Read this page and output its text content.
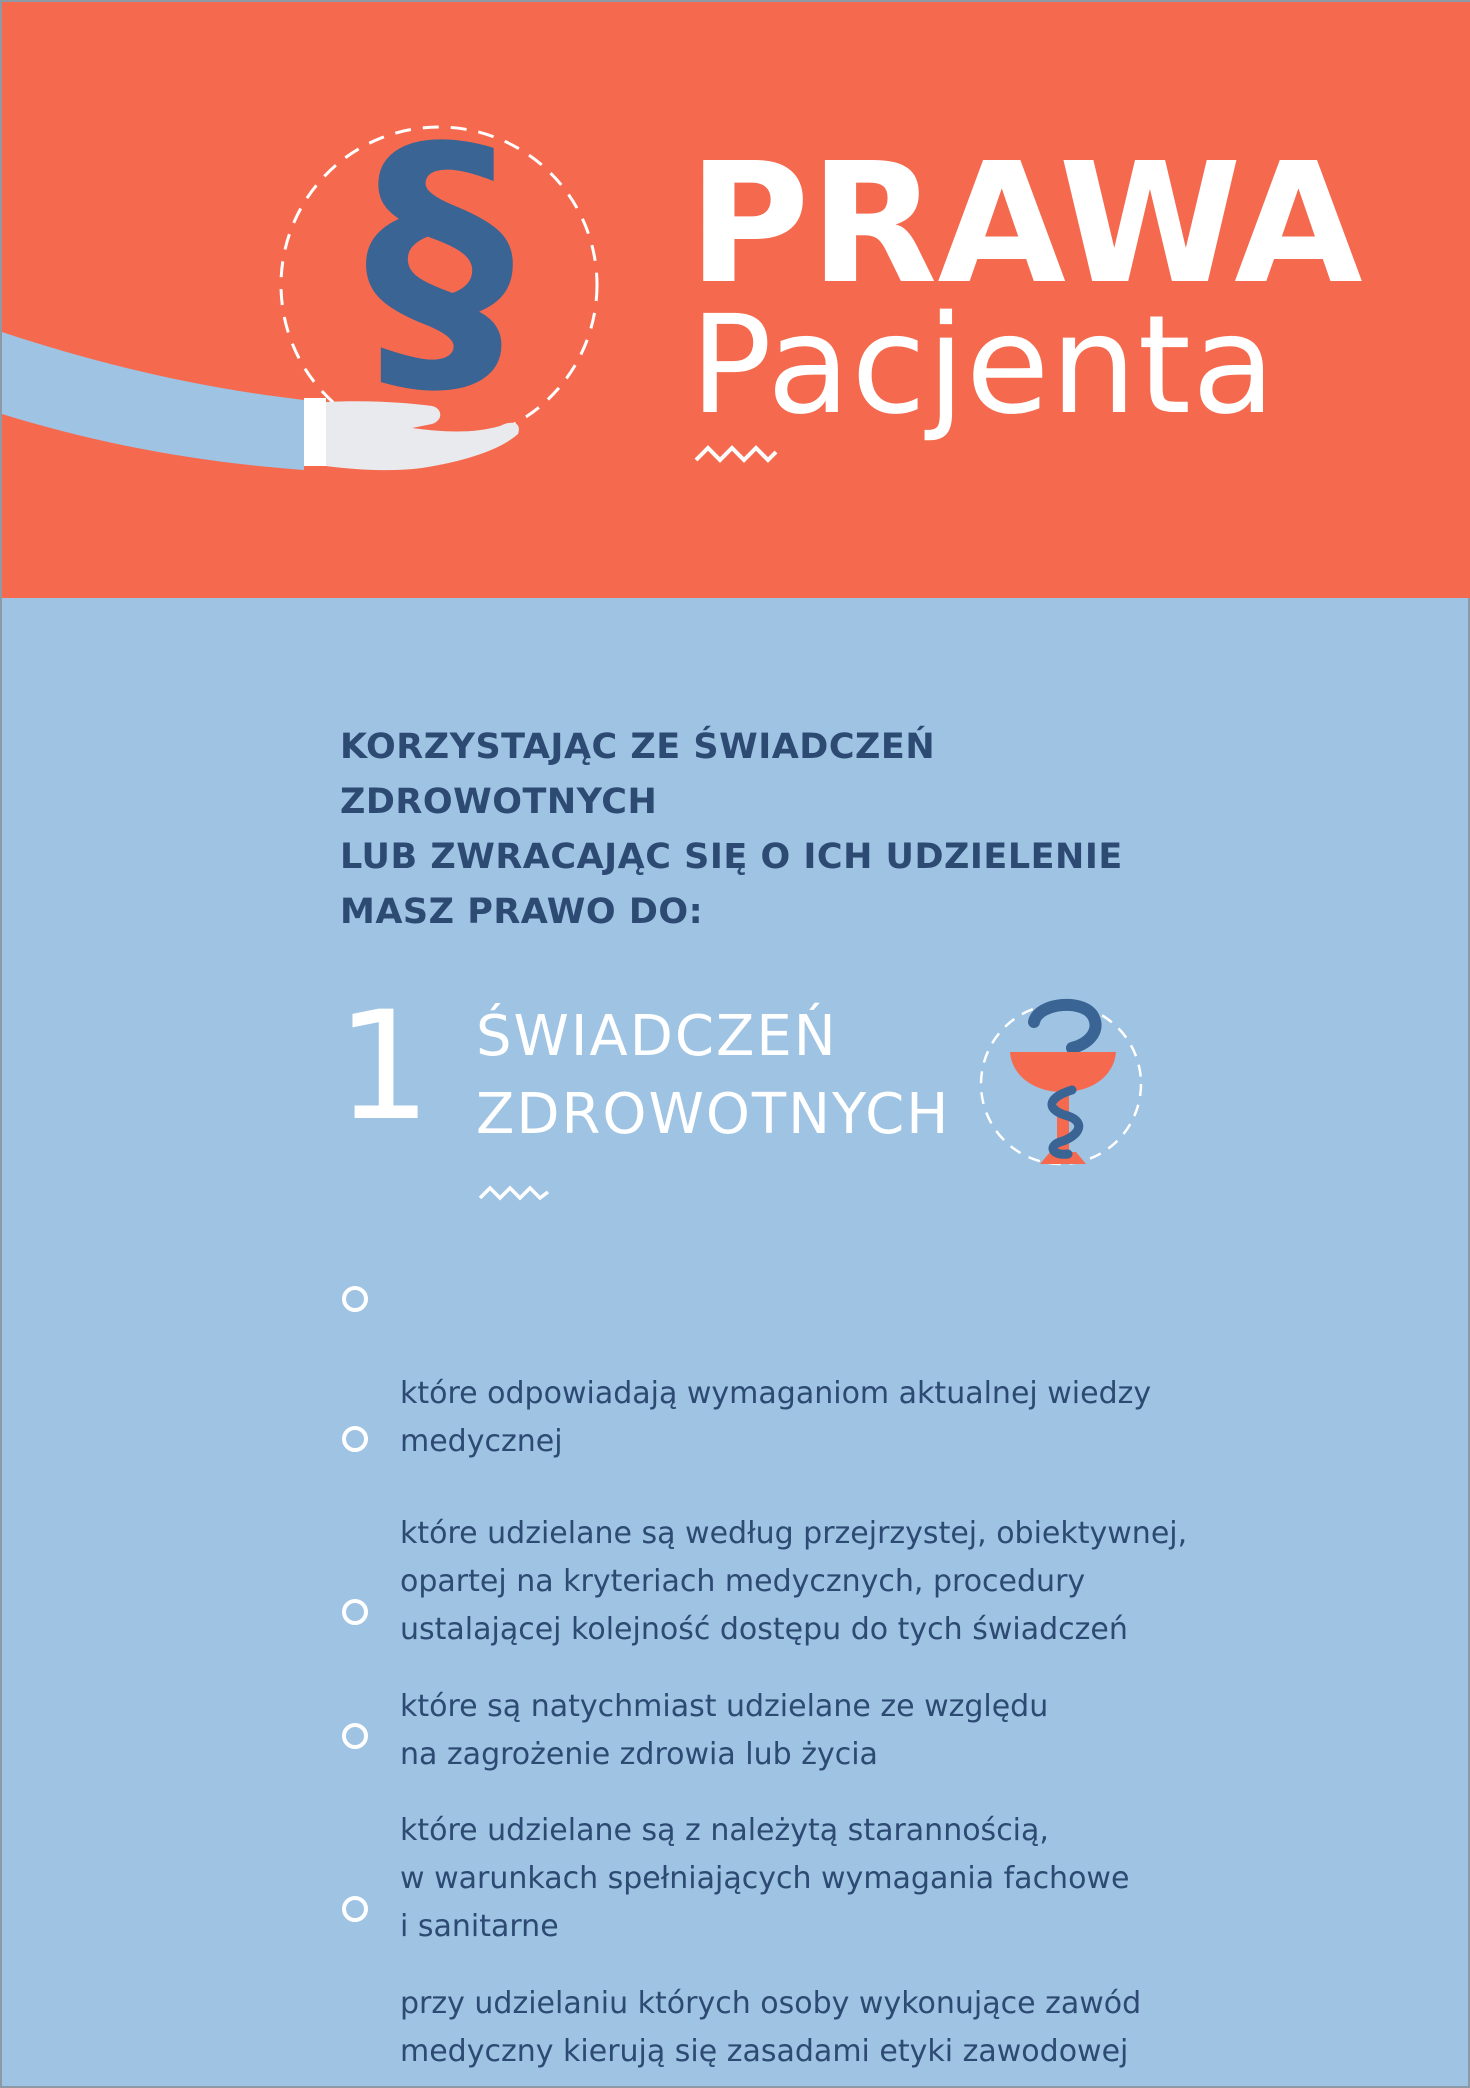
§ PRAWA
Pacjenta
KORZYSTAJĄC ZE ŚWIADCZEŃ ZDROWOTNYCH
LUB ZWRACAJĄC SIĘ O ICH UDZIELENIE
MASZ PRAWO DO:
1 ŚWIADCZEŃ
ZDROWOTNYCH

które odpowiadają wymaganiom aktualnej wiedzy
medycznej

które udzielane są według przejrzystej, obiektywnej,
opartej na kryteriach medycznych, procedury
ustalającej kolejność dostępu do tych świadczeń

które są natychmiast udzielane ze względu
na zagrożenie zdrowia lub życia

które udzielane są z należytą starannością,
w warunkach spełniających wymagania fachowe
i sanitarne

przy udzielaniu których osoby wykonujące zawód
medyczny kierują się zasadami etyki zawodowej
